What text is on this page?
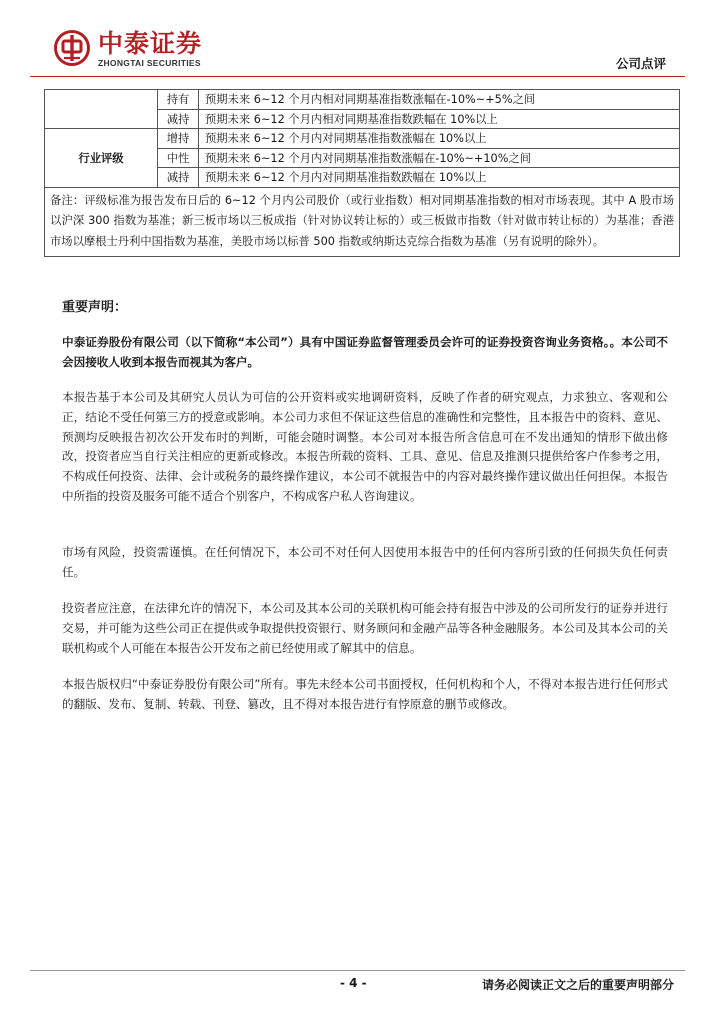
中泰证券
ZHONGTAI SECURITIES	公司点评
	持有	预期未来 6~12 个月内相对同期基准指数涨幅在-10%~+5%之间
	减持	预期未来 6~12 个月内相对同期基准指数跌幅在 10%以上
行业评级	增持	预期未来 6~12 个月内对同期基准指数涨幅在 10%以上
	中性	预期未来 6~12 个月内对同期基准指数涨幅在-10%~+10%之间
	减持	预期未来 6~12 个月内对同期基准指数跌幅在 10%以上
备注：评级标准为报告发布日后的 6~12 个月内公司股价（或行业指数）相对同期基准指数的相对市场表现。其中 A 股市场以沪深 300 指数为基准；新三板市场以三板成指（针对协议转让标的）或三板做市指数（针对做市转让标的）为基准；香港市场以摩根士丹利中国指数为基准，美股市场以标普 500 指数或纳斯达克综合指数为基准（另有说明的除外）。		
重要声明：

中泰证券股份有限公司（以下简称“本公司”）具有中国证券监督管理委员会许可的证券投资咨询业务资格。。本公司不会因接收人收到本报告而视其为客户。

本报告基于本公司及其研究人员认为可信的公开资料或实地调研资料，反映了作者的研究观点，力求独立、客观和公正，结论不受任何第三方的授意或影响。本公司力求但不保证这些信息的准确性和完整性，且本报告中的资料、意见、预测均反映报告初次公开发布时的判断，可能会随时调整。本公司对本报告所含信息可在不发出通知的情形下做出修改，投资者应当自行关注相应的更新或修改。本报告所载的资料、工具、意见、信息及推测只提供给客户作参考之用，不构成任何投资、法律、会计或税务的最终操作建议，本公司不就报告中的内容对最终操作建议做出任何担保。本报告中所指的投资及服务可能不适合个别客户，不构成客户私人咨询建议。

市场有风险，投资需谨慎。在任何情况下，本公司不对任何人因使用本报告中的任何内容所引致的任何损失负任何责任。

投资者应注意，在法律允许的情况下，本公司及其本公司的关联机构可能会持有报告中涉及的公司所发行的证券并进行交易，并可能为这些公司正在提供或争取提供投资银行、财务顾问和金融产品等各种金融服务。本公司及其本公司的关联机构或个人可能在本报告公开发布之前已经使用或了解其中的信息。

本报告版权归“中泰证券股份有限公司”所有。事先未经本公司书面授权，任何机构和个人，不得对本报告进行任何形式的翻版、发布、复制、转载、刊登、篡改，且不得对本报告进行有悖原意的删节或修改。

- 4 -	请务必阅读正文之后的重要声明部分
